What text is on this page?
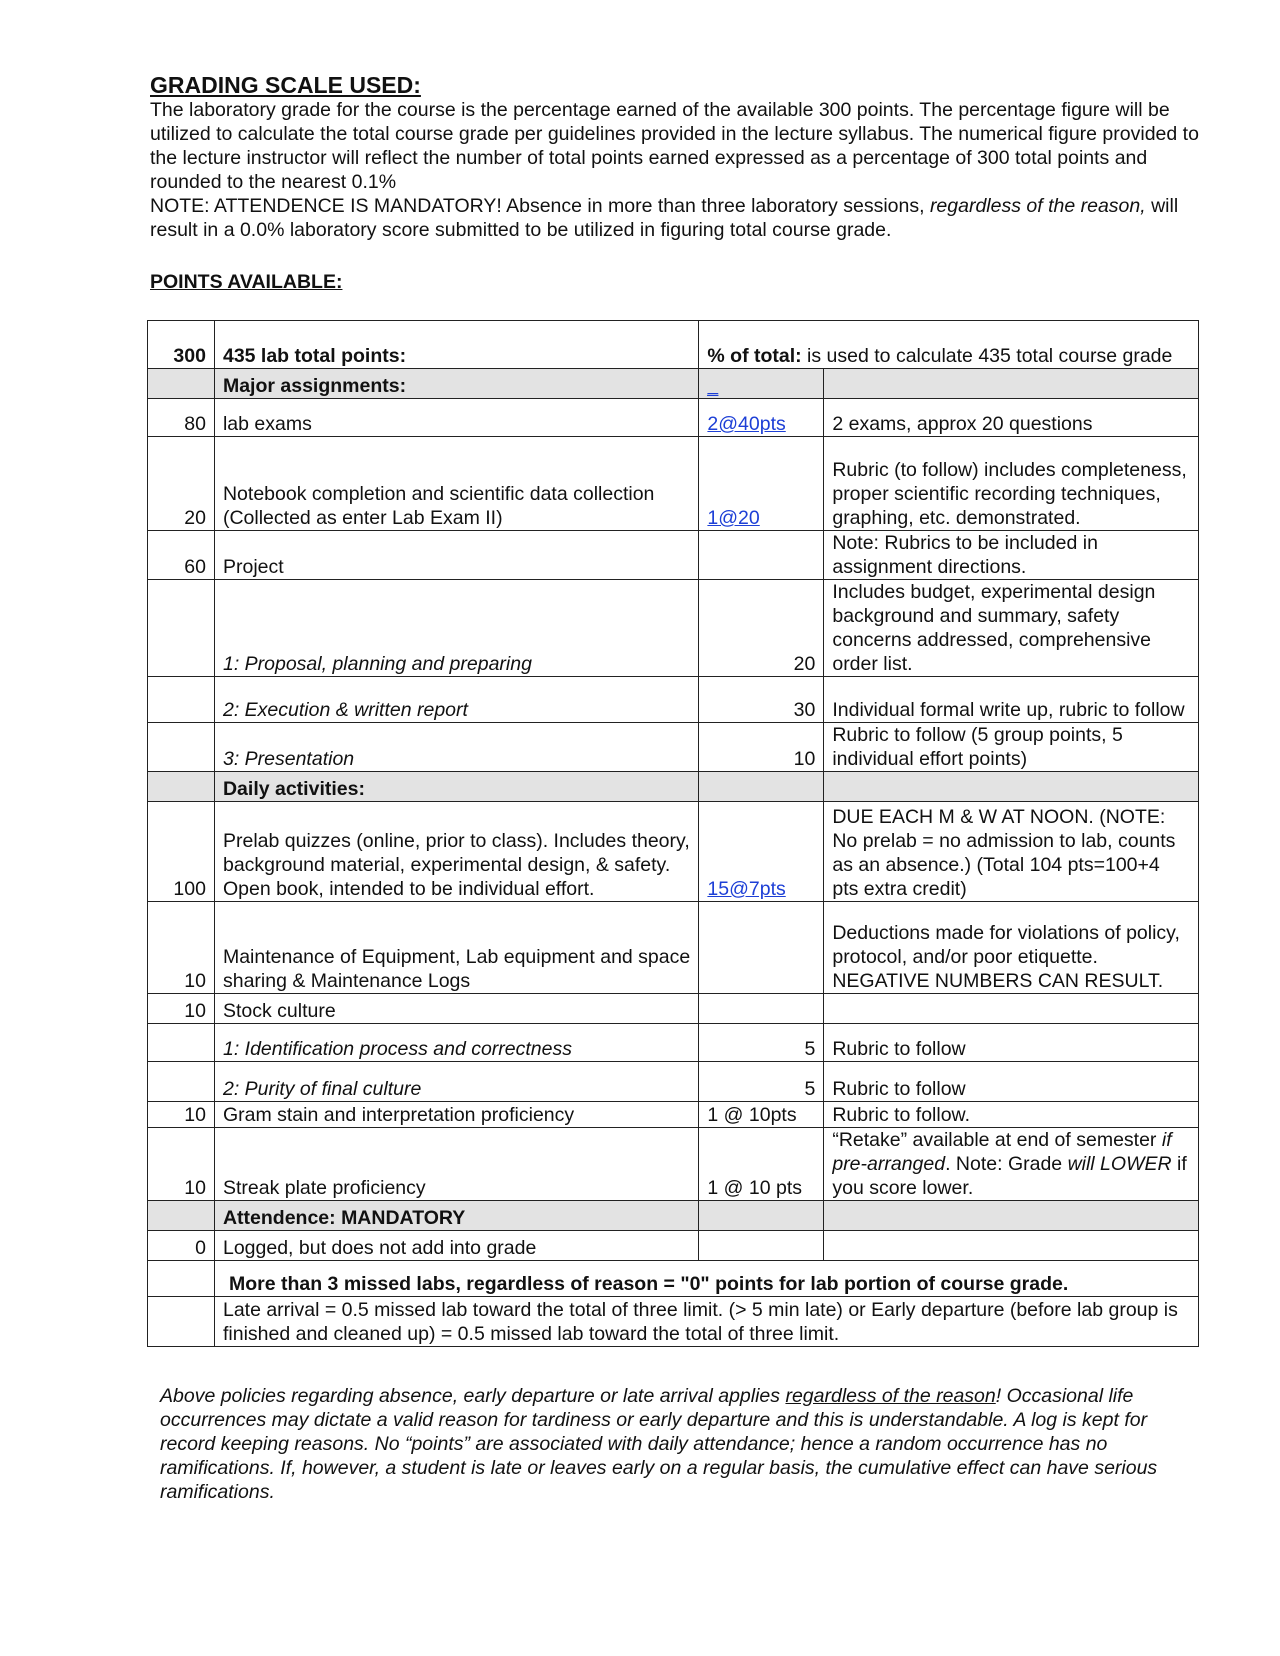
GRADING SCALE USED:

The laboratory grade for the course is the percentage earned of the available 300 points. The percentage figure will be utilized to calculate the total course grade per guidelines provided in the lecture syllabus. The numerical figure provided to the lecture instructor will reflect the number of total points earned expressed as a percentage of 300 total points and rounded to the nearest 0.1%

NOTE: ATTENDENCE IS MANDATORY! Absence in more than three laboratory sessions, regardless of the reason, will result in a 0.0% laboratory score submitted to be utilized in figuring total course grade.

POINTS AVAILABLE:
300	435 lab total points:	% of total: is used to calculate 435 total course grade	
	Major assignments:	_	
80	lab exams	2@40pts	2 exams, approx 20 questions
20	Notebook completion and scientific data collection (Collected as enter Lab Exam II)	1@20	Rubric (to follow) includes completeness, proper scientific recording techniques, graphing, etc. demonstrated.
60	Project		Note: Rubrics to be included in assignment directions.
	1: Proposal, planning and preparing	20	Includes budget, experimental design background and summary, safety concerns addressed, comprehensive order list.
	2: Execution & written report	30	Individual formal write up, rubric to follow
	3: Presentation	10	Rubric to follow (5 group points, 5 individual effort points)
	Daily activities:		
100	Prelab quizzes (online, prior to class). Includes theory, background material, experimental design, & safety. Open book, intended to be individual effort.	15@7pts	DUE EACH M & W AT NOON. (NOTE: No prelab = no admission to lab, counts as an absence.) (Total 104 pts=100+4 pts extra credit)
10	Maintenance of Equipment, Lab equipment and space sharing & Maintenance Logs		Deductions made for violations of policy, protocol, and/or poor etiquette. NEGATIVE NUMBERS CAN RESULT.
10	Stock culture		
	1: Identification process and correctness	5	Rubric to follow
	2: Purity of final culture	5	Rubric to follow
10	Gram stain and interpretation proficiency	1 @ 10pts	Rubric to follow.
10	Streak plate proficiency	1 @ 10 pts	“Retake” available at end of semester if pre-arranged. Note: Grade will LOWER if you score lower.
	Attendence: MANDATORY		
0	Logged, but does not add into grade		
	More than 3 missed labs, regardless of reason = "0" points for lab portion of course grade.		
	Late arrival = 0.5 missed lab toward the total of three limit. (> 5 min late) or Early departure (before lab group is finished and cleaned up) = 0.5 missed lab toward the total of three limit.		

Above policies regarding absence, early departure or late arrival applies regardless of the reason! Occasional life occurrences may dictate a valid reason for tardiness or early departure and this is understandable. A log is kept for record keeping reasons. No “points” are associated with daily attendance; hence a random occurrence has no ramifications. If, however, a student is late or leaves early on a regular basis, the cumulative effect can have serious ramifications.
